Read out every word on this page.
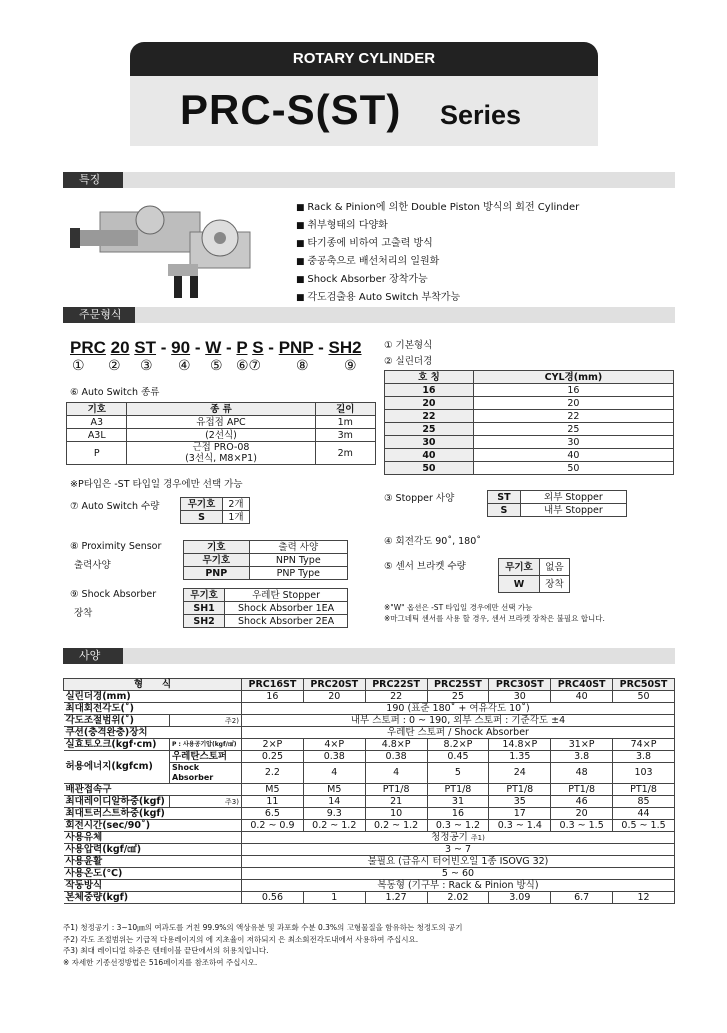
ROTARY CYLINDER
PRC-S(ST) Series
특징
■ Rack & Pinion에 의한 Double Piston 방식의 회전 Cylinder
■ 취부형태의 다양화
■ 타기종에 비하여 고출력 방식
■ 중공축으로 배선처리의 일원화
■ Shock Absorber 장착가능
■ 각도검출용 Auto Switch 부착가능
주문형식
PRC 20 ST - 90 - W - P S - PNP - SH2
① ② ③ ④ ⑤ ⑥⑦ ⑧	⑨
⑥ Auto Switch 종류
기호	종 류	길이
A3	유접점 APC	1m
A3L	(2선식)	3m
P	근접 PRO-08
(3선식, M8×P1)	2m
※P타입은 -ST 타입일 경우에만 선택 가능
⑦ Auto Switch 수량	무기호	2개
S	1개
⑧ Proximity Sensor
출력사양
기호	출력 사양
무기호	NPN Type
PNP	PNP Type
⑨ Shock Absorber
장착
무기호	우레탄 Stopper
SH1	Shock Absorber 1EA
SH2	Shock Absorber 2EA
① 기본형식
② 실린더경
호 칭	CYL경(mm)
16	16
20	20
22	22
25	25
30	30
40	40
50	50
③ Stopper 사양	ST	외부 Stopper
S	내부 Stopper
④ 회전각도 90˚, 180˚
⑤ 센서 브라켓 수량	무기호	없음
W	장착
※"W" 옵션은 -ST 타입일 경우에만 선택 가능
※마그네틱 센서를 사용 할 경우, 센서 브라켓 장착은 불필요 합니다.
사양
형　　식		PRC16ST	PRC20ST	PRC22ST	PRC25ST	PRC30ST	PRC40ST	PRC50ST
실린더경(mm)		16	20	22	25	30	40	50
최대회전각도(˚)		190 (표준 180˚ + 여유각도 10˚)						
각도조절범위(˚)	주2)	내부 스토퍼 : 0 ~ 190, 외부 스토퍼 : 기준각도 ±4						
쿠션(충격완충)장치		우레탄 스토퍼 / Shock Absorber						
실효토오크(kgf·cm)	P : 사용공기압(kgf/㎠)	2×P	4×P	4.8×P	8.2×P	14.8×P	31×P	74×P
허용에너지(kgfcm)	우레탄스토퍼	0.25	0.38	0.38	0.45	1.35	3.8	3.8
	Shock Absorber	2.2	4	4	5	24	48	103
배관접속구		M5	M5	PT1/8	PT1/8	PT1/8	PT1/8	PT1/8
최대레이디알하중(kgf)	주3)	11	14	21	31	35	46	85
최대트러스트하중(kgf)		6.5	9.3	10	16	17	20	44
회전시간(sec/90˚)		0.2 ~ 0.9	0.2 ~ 1.2	0.2 ~ 1.2	0.3 ~ 1.2	0.3 ~ 1.4	0.3 ~ 1.5	0.5 ~ 1.5
사용유체		청정공기 주1)						
사용압력(kgf/㎠)		3 ~ 7						
사용윤활		불필요 (급유시 터어빈오일 1종 ISOVG 32)						
사용온도(℃)		5 ~ 60						
작동방식		복동형 (기구부 : Rack & Pinion 방식)						
본체중량(kgf)		0.56	1	1.27	2.02	3.09	6.7	12
주1) 청정공기 : 3~10㎛의 여과도를 거친 99.9%의 액상유분 및 과포화 수분 0.3%의 고형물질을 함유하는 청정도의 공기
주2) 각도 조절범위는 기급적 다용레이지의 에 지초율이 저하되지 은 최소회전각도내에서 사용하여 주십시요.
주3) 최대 레이디얼 하중은 텐테이블 끝단에서의 허용치입니다.
※ 자세한 기종선정방법은 516페이지를 참조하여 주십시오.
